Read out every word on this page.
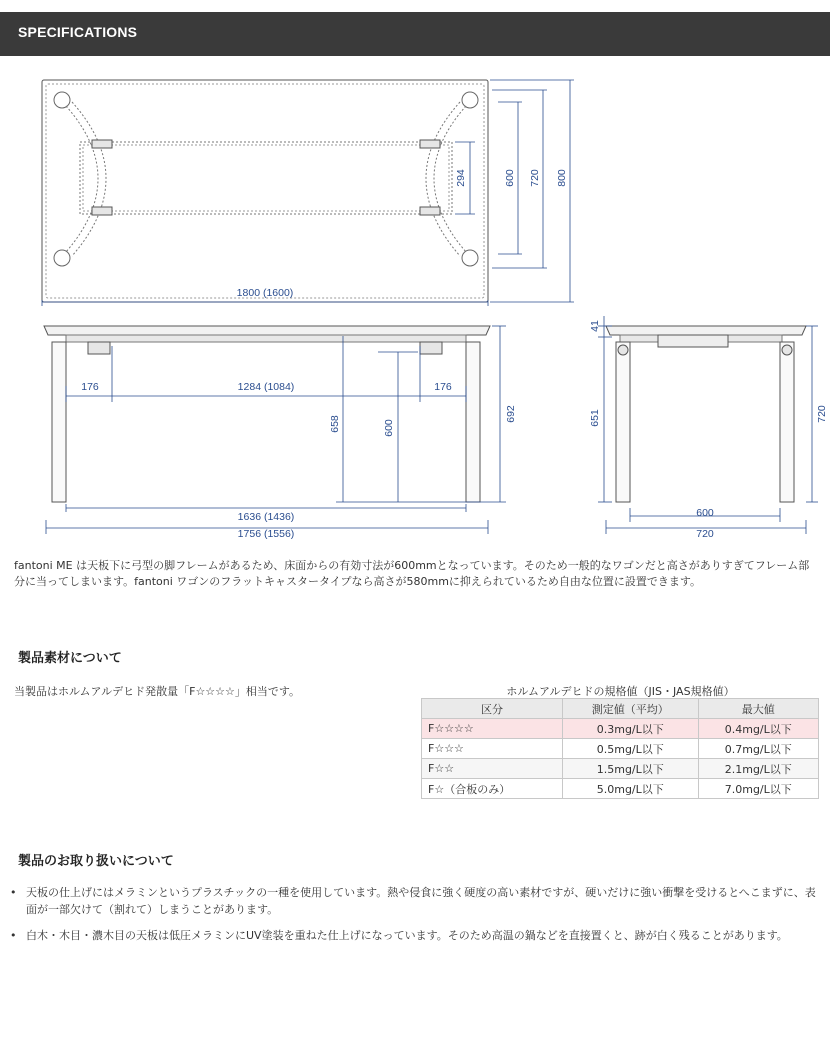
SPECIFICATIONS
1800 (1600)
294	600 720 800
176	1284 (1084)	176
658	600
692
1636 (1436)
1756 (1556)
41
651	720
600
720
fantoni ME は天板下に弓型の脚フレームがあるため、床面からの有効寸法が600mmとなっています。そのため一般的なワゴンだと高さがありすぎてフレーム部分に当ってしまいます。fantoni ワゴンのフラットキャスタータイプなら高さが580mmに抑えられているため自由な位置に設置できます。
製品素材について
当製品はホルムアルデヒド発散量「F☆☆☆☆」相当です。	ホルムアルデヒドの規格値（JIS・JAS規格値）
区分	測定値（平均）	最大値
F☆☆☆☆	0.3mg/L以下	0.4mg/L以下
F☆☆☆	0.5mg/L以下	0.7mg/L以下
F☆☆	1.5mg/L以下	2.1mg/L以下
F☆（合板のみ）	5.0mg/L以下	7.0mg/L以下
製品のお取り扱いについて
• 天板の仕上げにはメラミンというプラスチックの一種を使用しています。熱や侵食に強く硬度の高い素材ですが、硬いだけに強い衝撃を受けるとへこまずに、表面が一部欠けて（割れて）しまうことがあります。
• 白木・木目・濃木目の天板は低圧メラミンにUV塗装を重ねた仕上げになっています。そのため高温の鍋などを直接置くと、跡が白く残ることがあります。
